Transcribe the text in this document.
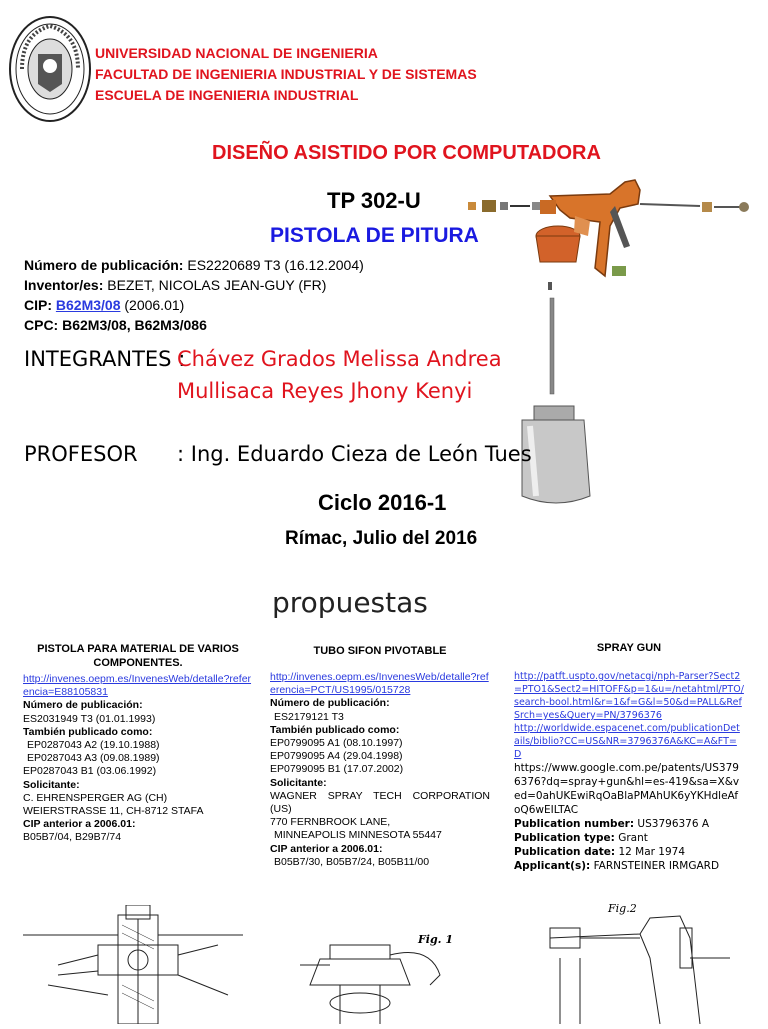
UNIVERSIDAD NACIONAL DE INGENIERIA
FACULTAD DE INGENIERIA INDUSTRIAL Y DE SISTEMAS
ESCUELA DE INGENIERIA INDUSTRIAL
DISEÑO ASISTIDO POR COMPUTADORA
TP 302-U
PISTOLA DE PITURA
Número de publicación: ES2220689 T3 (16.12.2004)
Inventor/es: BEZET, NICOLAS JEAN-GUY (FR)
CIP: B62M3/08 (2006.01)
CPC: B62M3/08, B62M3/086
INTEGRANTES :
Chávez Grados Melissa Andrea
Mullisaca Reyes Jhony Kenyi
PROFESOR : Ing. Eduardo Cieza de León Tues
Ciclo 2016-1
Rímac, Julio del 2016
propuestas
PISTOLA PARA MATERIAL DE VARIOS COMPONENTES.
http://invenes.oepm.es/InvenesWeb/detalle?referencia=E88105831
Número de publicación:
ES2031949 T3 (01.01.1993)
También publicado como:
EP0287043 A2 (19.10.1988)
EP0287043 A3 (09.08.1989)
EP0287043 B1 (03.06.1992)
Solicitante:
C. EHRENSPERGER AG (CH)
WEIERSTRASSE 11, CH-8712 STAFA
CIP anterior a 2006.01:
B05B7/04, B29B7/74
TUBO SIFON PIVOTABLE
http://invenes.oepm.es/InvenesWeb/detalle?referencia=PCT/US1995/015728
Número de publicación:
ES2179121 T3
También publicado como:
EP0799095 A1 (08.10.1997)
EP0799095 A4 (29.04.1998)
EP0799095 B1 (17.07.2002)
Solicitante:
WAGNER SPRAY TECH CORPORATION (US)
770 FERNBROOK LANE,
MINNEAPOLIS MINNESOTA 55447
CIP anterior a 2006.01:
B05B7/30, B05B7/24, B05B11/00
SPRAY GUN
http://patft.uspto.gov/netacgi/nph-Parser?Sect2=PTO1&Sect2=HITOFF&p=1&u=/netahtml/PTO/search-bool.html&r=1&f=G&l=50&d=PALL&RefSrch=yes&Query=PN/3796376
http://worldwide.espacenet.com/publicationDetails/biblio?CC=US&NR=3796376A&KC=A&FT=D
https://www.google.com.pe/patents/US3796376?dq=spray+gun&hl=es-419&sa=X&ved=0ahUKEwiRqOaBlaPMAhUK6yYKHdleAfoQ6wEILTAC
Publication number: US3796376 A
Publication type: Grant
Publication date: 12 Mar 1974
Applicant(s): FARNSTEINER IRMGARD
Fig. 1
Fig.2
